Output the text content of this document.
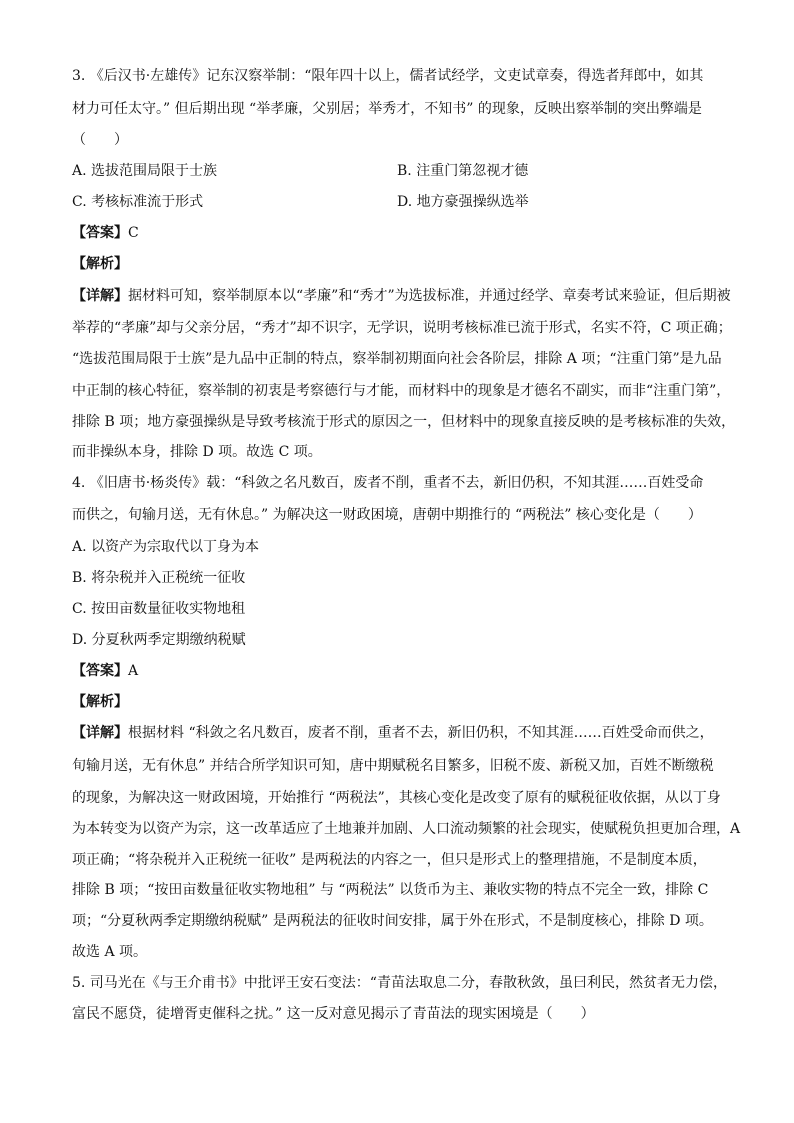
3. 《后汉书·左雄传》记东汉察举制：“限年四十以上，儒者试经学，文吏试章奏，得选者拜郎中，如其
材力可任太守。” 但后期出现 “举孝廉，父别居；举秀才，不知书” 的现象，反映出察举制的突出弊端是
（　　）
A. 选拔范围局限于士族	B. 注重门第忽视才德
C. 考核标准流于形式	D. 地方豪强操纵选举
【答案】C
【解析】
【详解】据材料可知，察举制原本以“孝廉”和“秀才”为选拔标准，并通过经学、章奏考试来验证，但后期被
举荐的“孝廉”却与父亲分居，“秀才”却不识字，无学识，说明考核标准已流于形式，名实不符，C 项正确；
“选拔范围局限于士族”是九品中正制的特点，察举制初期面向社会各阶层，排除 A 项；“注重门第”是九品
中正制的核心特征，察举制的初衷是考察德行与才能，而材料中的现象是才德名不副实，而非“注重门第”，
排除 B 项；地方豪强操纵是导致考核流于形式的原因之一，但材料中的现象直接反映的是考核标准的失效，
而非操纵本身，排除 D 项。故选 C 项。
4. 《旧唐书·杨炎传》载：“科敛之名凡数百，废者不削，重者不去，新旧仍积，不知其涯……百姓受命
而供之，旬输月送，无有休息。” 为解决这一财政困境，唐朝中期推行的 “两税法” 核心变化是（　　）
A. 以资产为宗取代以丁身为本
B. 将杂税并入正税统一征收
C. 按田亩数量征收实物地租
D. 分夏秋两季定期缴纳税赋
【答案】A
【解析】
【详解】根据材料 “科敛之名凡数百，废者不削，重者不去，新旧仍积，不知其涯……百姓受命而供之，
旬输月送，无有休息” 并结合所学知识可知，唐中期赋税名目繁多，旧税不废、新税又加，百姓不断缴税
的现象，为解决这一财政困境，开始推行 “两税法”，其核心变化是改变了原有的赋税征收依据，从以丁身
为本转变为以资产为宗，这一改革适应了土地兼并加剧、人口流动频繁的社会现实，使赋税负担更加合理，A
项正确；“将杂税并入正税统一征收” 是两税法的内容之一，但只是形式上的整理措施，不是制度本质，
排除 B 项；“按田亩数量征收实物地租” 与 “两税法” 以货币为主、兼收实物的特点不完全一致，排除 C
项；“分夏秋两季定期缴纳税赋” 是两税法的征收时间安排，属于外在形式，不是制度核心，排除 D 项。
故选 A 项。
5. 司马光在《与王介甫书》中批评王安石变法：“青苗法取息二分，春散秋敛，虽曰利民，然贫者无力偿，
富民不愿贷，徒增胥吏催科之扰。” 这一反对意见揭示了青苗法的现实困境是（　　）
